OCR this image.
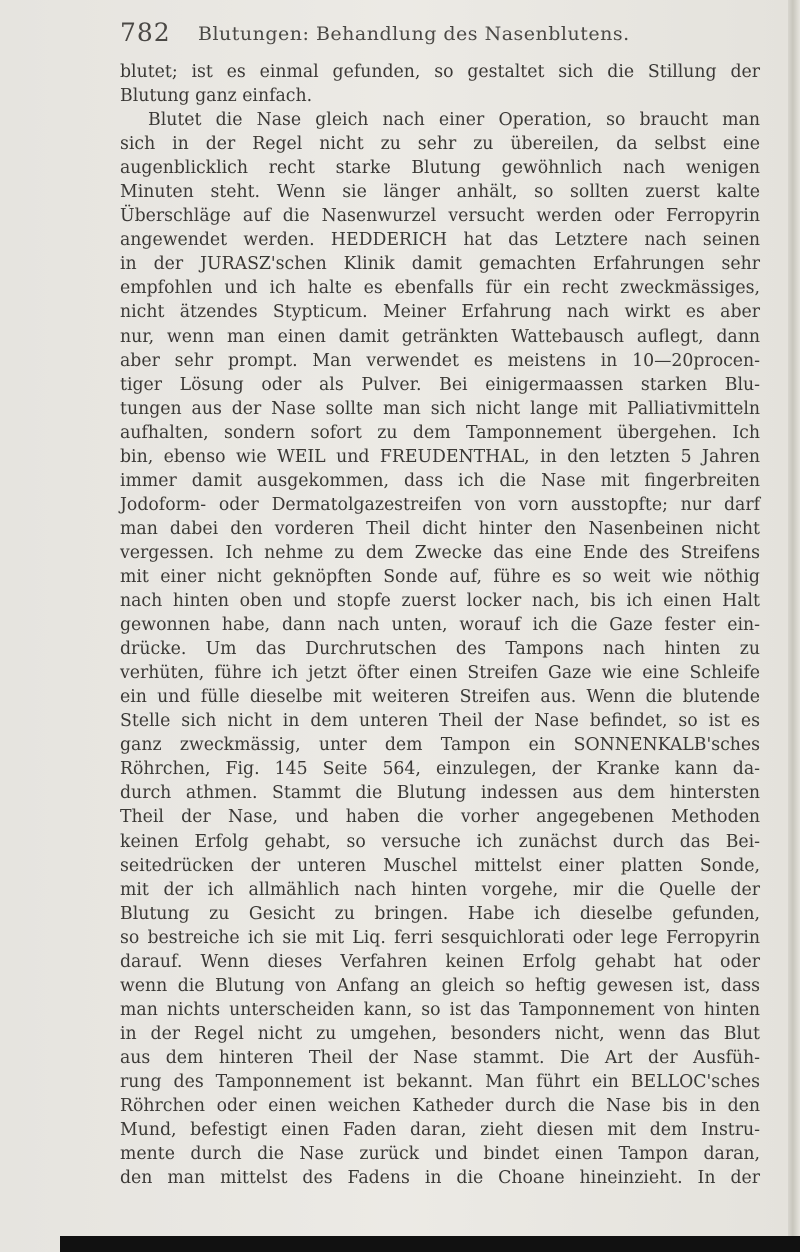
782 Blutungen: Behandlung des Nasenblutens.
blutet; ist es einmal gefunden, so gestaltet sich die Stillung der
Blutung ganz einfach.
Blutet die Nase gleich nach einer Operation, so braucht man
sich in der Regel nicht zu sehr zu übereilen, da selbst eine
augenblicklich recht starke Blutung gewöhnlich nach wenigen
Minuten steht. Wenn sie länger anhält, so sollten zuerst kalte
Überschläge auf die Nasenwurzel versucht werden oder Ferropyrin
angewendet werden. HEDDERICH hat das Letztere nach seinen
in der JURASZ'schen Klinik damit gemachten Erfahrungen sehr
empfohlen und ich halte es ebenfalls für ein recht zweckmässiges,
nicht ätzendes Stypticum. Meiner Erfahrung nach wirkt es aber
nur, wenn man einen damit getränkten Wattebausch auflegt, dann
aber sehr prompt. Man verwendet es meistens in 10—20procen-
tiger Lösung oder als Pulver. Bei einigermaassen starken Blu-
tungen aus der Nase sollte man sich nicht lange mit Palliativmitteln
aufhalten, sondern sofort zu dem Tamponnement übergehen. Ich
bin, ebenso wie WEIL und FREUDENTHAL, in den letzten 5 Jahren
immer damit ausgekommen, dass ich die Nase mit fingerbreiten
Jodoform- oder Dermatolgazestreifen von vorn ausstopfte; nur darf
man dabei den vorderen Theil dicht hinter den Nasenbeinen nicht
vergessen. Ich nehme zu dem Zwecke das eine Ende des Streifens
mit einer nicht geknöpften Sonde auf, führe es so weit wie nöthig
nach hinten oben und stopfe zuerst locker nach, bis ich einen Halt
gewonnen habe, dann nach unten, worauf ich die Gaze fester ein-
drücke. Um das Durchrutschen des Tampons nach hinten zu
verhüten, führe ich jetzt öfter einen Streifen Gaze wie eine Schleife
ein und fülle dieselbe mit weiteren Streifen aus. Wenn die blutende
Stelle sich nicht in dem unteren Theil der Nase befindet, so ist es
ganz zweckmässig, unter dem Tampon ein SONNENKALB'sches
Röhrchen, Fig. 145 Seite 564, einzulegen, der Kranke kann da-
durch athmen. Stammt die Blutung indessen aus dem hintersten
Theil der Nase, und haben die vorher angegebenen Methoden
keinen Erfolg gehabt, so versuche ich zunächst durch das Bei-
seitedrücken der unteren Muschel mittelst einer platten Sonde,
mit der ich allmählich nach hinten vorgehe, mir die Quelle der
Blutung zu Gesicht zu bringen. Habe ich dieselbe gefunden,
so bestreiche ich sie mit Liq. ferri sesquichlorati oder lege Ferropyrin
darauf. Wenn dieses Verfahren keinen Erfolg gehabt hat oder
wenn die Blutung von Anfang an gleich so heftig gewesen ist, dass
man nichts unterscheiden kann, so ist das Tamponnement von hinten
in der Regel nicht zu umgehen, besonders nicht, wenn das Blut
aus dem hinteren Theil der Nase stammt. Die Art der Ausfüh-
rung des Tamponnement ist bekannt. Man führt ein BELLOC'sches
Röhrchen oder einen weichen Katheder durch die Nase bis in den
Mund, befestigt einen Faden daran, zieht diesen mit dem Instru-
mente durch die Nase zurück und bindet einen Tampon daran,
den man mittelst des Fadens in die Choane hineinzieht. In der
